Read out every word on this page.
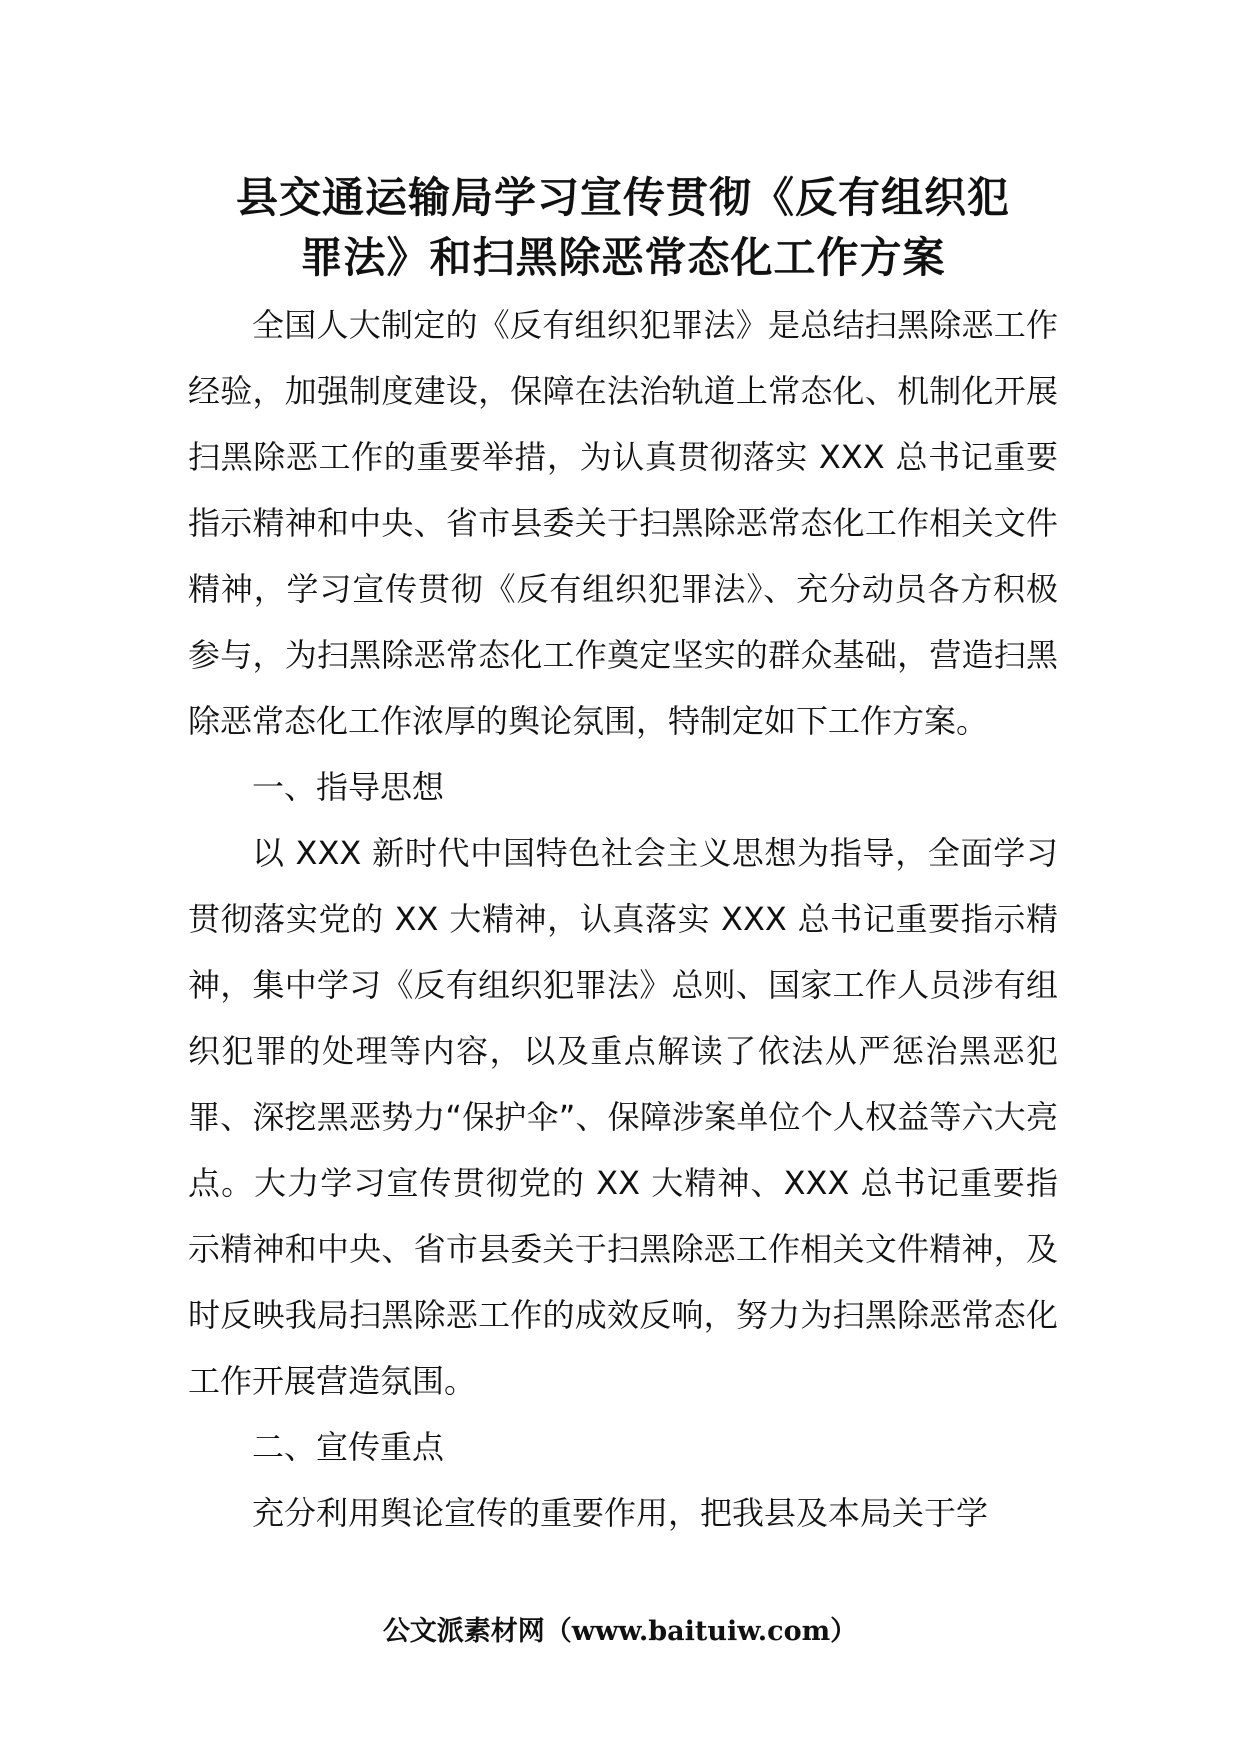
县交通运输局学习宣传贯彻《反有组织犯
罪法》和扫黑除恶常态化工作方案

全国人大制定的《反有组织犯罪法》是总结扫黑除恶工作经验，加强制度建设，保障在法治轨道上常态化、机制化开展扫黑除恶工作的重要举措，为认真贯彻落实 XXX 总书记重要指示精神和中央、省市县委关于扫黑除恶常态化工作相关文件精神，学习宣传贯彻《反有组织犯罪法》、充分动员各方积极参与，为扫黑除恶常态化工作奠定坚实的群众基础，营造扫黑除恶常态化工作浓厚的舆论氛围，特制定如下工作方案。

一、指导思想

以 XXX 新时代中国特色社会主义思想为指导，全面学习贯彻落实党的 XX 大精神，认真落实 XXX 总书记重要指示精神，集中学习《反有组织犯罪法》总则、国家工作人员涉有组织犯罪的处理等内容，以及重点解读了依法从严惩治黑恶犯罪、深挖黑恶势力“保护伞”、保障涉案单位个人权益等六大亮点。大力学习宣传贯彻党的 XX 大精神、XXX 总书记重要指示精神和中央、省市县委关于扫黑除恶工作相关文件精神，及时反映我局扫黑除恶工作的成效反响，努力为扫黑除恶常态化工作开展营造氛围。

二、宣传重点

充分利用舆论宣传的重要作用，把我县及本局关于学

公文派素材网（www.baituiw.com）
